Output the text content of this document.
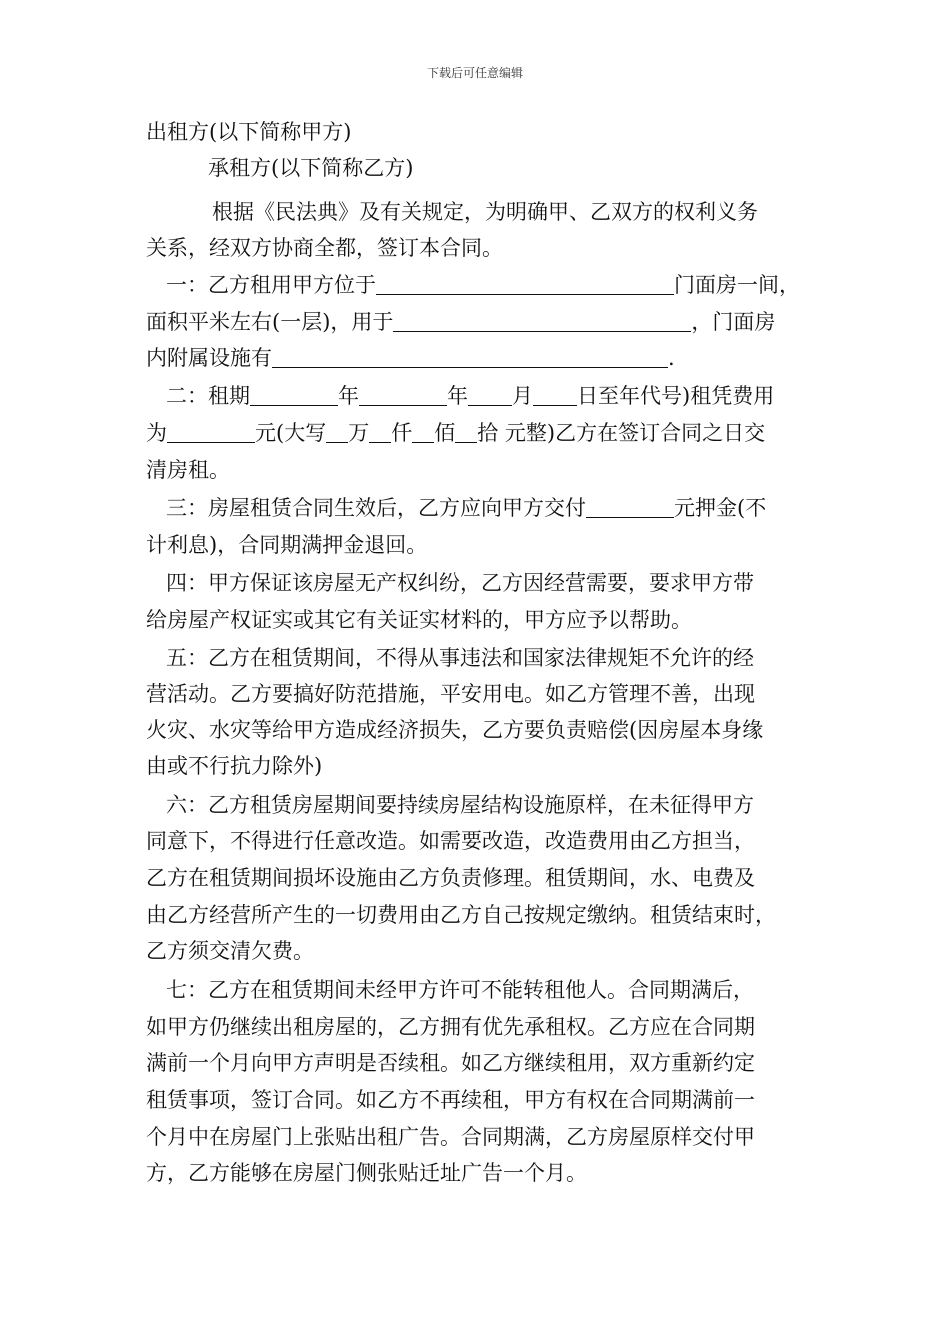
下载后可任意编辑
出租方(以下简称甲方)
承租方(以下简称乙方)
根据《民法典》及有关规定，为明确甲、乙双方的权利义务
关系，经双方协商全都，签订本合同。
一：乙方租用甲方位于	门面房一间，
面积平米左右(一层)，用于	，门面房
内附属设施有	.
二：租期	年	年 月 日至年代号)租凭费用
为	元(大写 万 仟 佰 拾 元整)乙方在签订合同之日交
清房租。
三：房屋租赁合同生效后，乙方应向甲方交付	元押金(不
计利息)，合同期满押金退回。
四：甲方保证该房屋无产权纠纷，乙方因经营需要，要求甲方带
给房屋产权证实或其它有关证实材料的，甲方应予以帮助。
五：乙方在租赁期间，不得从事违法和国家法律规矩不允许的经
营活动。乙方要搞好防范措施，平安用电。如乙方管理不善，出现
火灾、水灾等给甲方造成经济损失，乙方要负责赔偿(因房屋本身缘
由或不行抗力除外)
六：乙方租赁房屋期间要持续房屋结构设施原样，在未征得甲方
同意下，不得进行任意改造。如需要改造，改造费用由乙方担当，
乙方在租赁期间损坏设施由乙方负责修理。租赁期间，水、电费及
由乙方经营所产生的一切费用由乙方自己按规定缴纳。租赁结束时，
乙方须交清欠费。
七：乙方在租赁期间未经甲方许可不能转租他人。合同期满后，
如甲方仍继续出租房屋的，乙方拥有优先承租权。乙方应在合同期
满前一个月向甲方声明是否续租。如乙方继续租用，双方重新约定
租赁事项，签订合同。如乙方不再续租，甲方有权在合同期满前一
个月中在房屋门上张贴出租广告。合同期满，乙方房屋原样交付甲
方，乙方能够在房屋门侧张贴迁址广告一个月。
